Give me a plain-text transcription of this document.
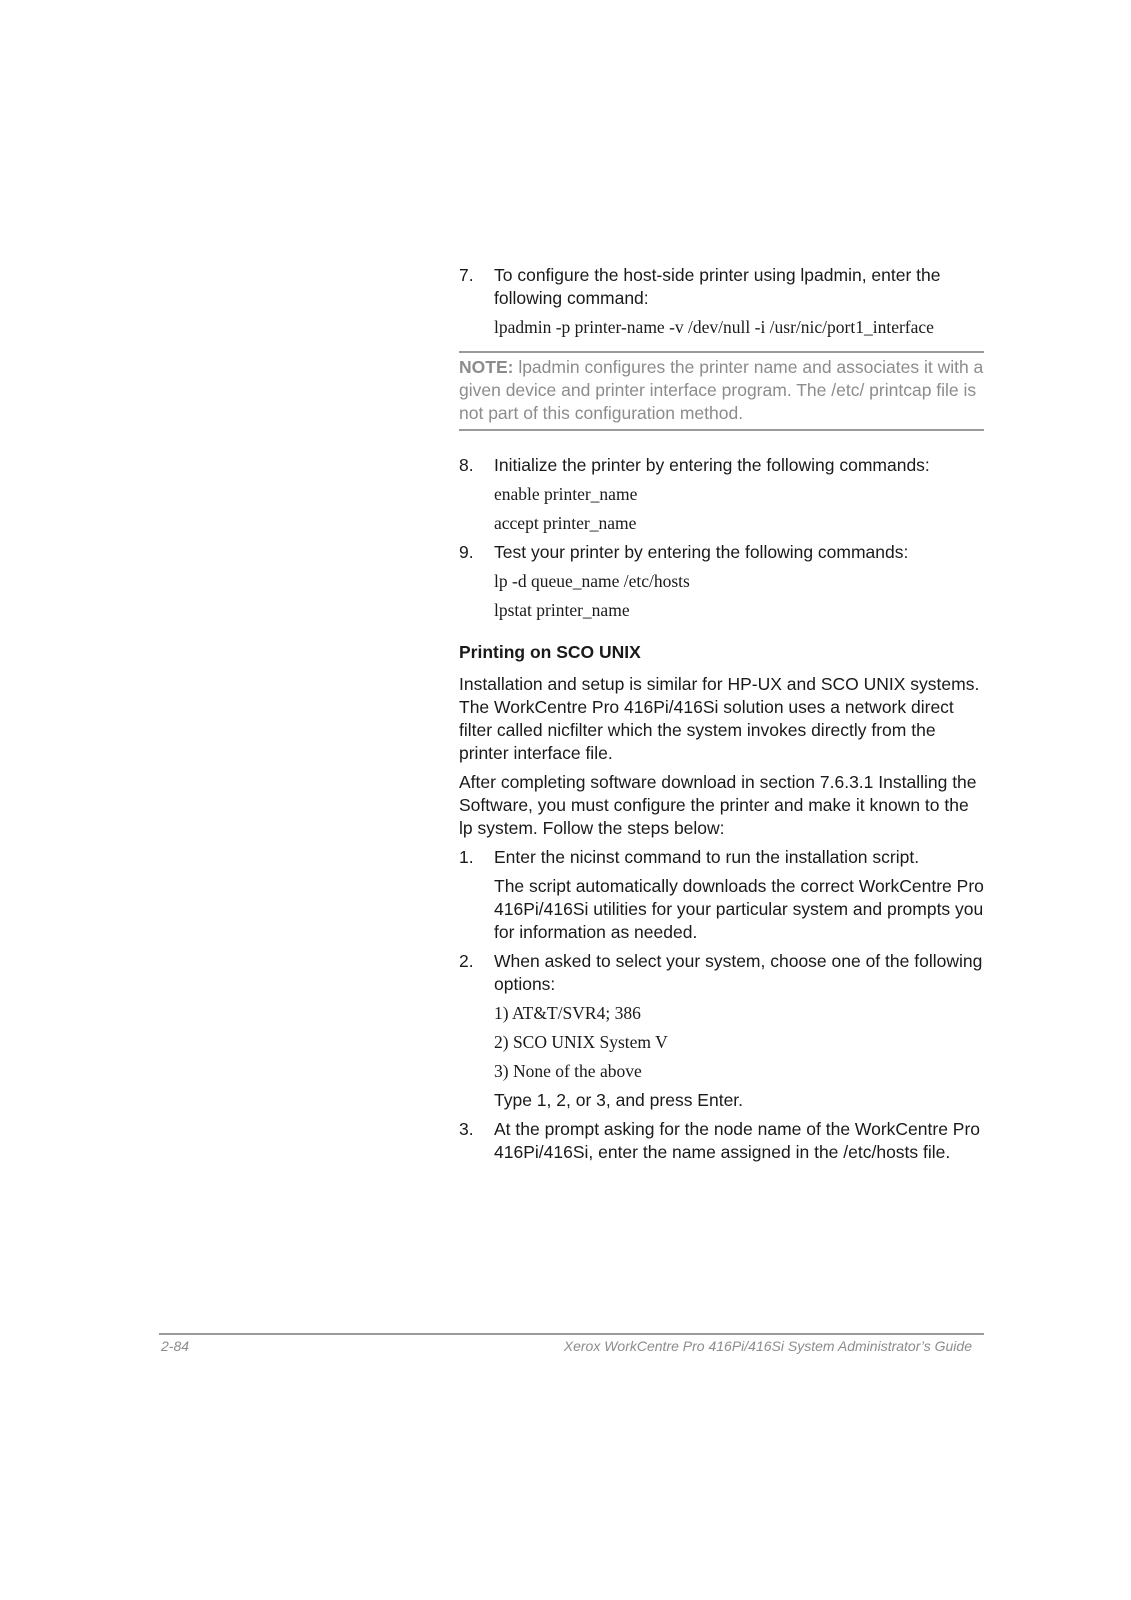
7.	To configure the host-side printer using lpadmin, enter the following command:
lpadmin -p printer-name -v /dev/null -i /usr/nic/port1_interface
NOTE: lpadmin configures the printer name and associates it with a given device and printer interface program. The /etc/ printcap file is not part of this configuration method.
8.	Initialize the printer by entering the following commands:
enable printer_name
accept printer_name
9.	Test your printer by entering the following commands:
lp -d queue_name /etc/hosts
lpstat printer_name
Printing on SCO UNIX
Installation and setup is similar for HP-UX and SCO UNIX systems. The WorkCentre Pro 416Pi/416Si solution uses a network direct filter called nicfilter which the system invokes directly from the printer interface file.
After completing software download in section 7.6.3.1 Installing the Software, you must configure the printer and make it known to the lp system. Follow the steps below:
1.	Enter the nicinst command to run the installation script.
The script automatically downloads the correct WorkCentre Pro 416Pi/416Si utilities for your particular system and prompts you for information as needed.
2.	When asked to select your system, choose one of the following options:
1) AT&T/SVR4; 386
2) SCO UNIX System V
3) None of the above
Type 1, 2, or 3, and press Enter.
3.	At the prompt asking for the node name of the WorkCentre Pro 416Pi/416Si, enter the name assigned in the /etc/hosts file.
2-84	Xerox WorkCentre Pro 416Pi/416Si System Administrator’s Guide
